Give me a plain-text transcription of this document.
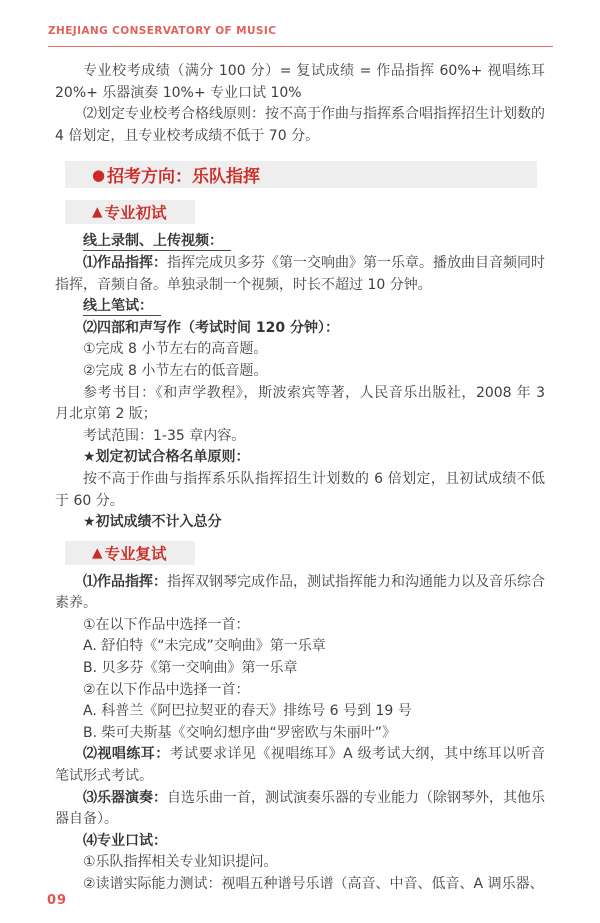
ZHEJIANG CONSERVATORY OF MUSIC

专业校考成绩（满分 100 分）= 复试成绩 = 作品指挥 60%+ 视唱练耳 20%+ 乐器演奏 10%+ 专业口试 10%

⑵划定专业校考合格线原则：按不高于作曲与指挥系合唱指挥招生计划数的 4 倍划定，且专业校考成绩不低于 70 分。

● 招考方向：乐队指挥
▲ 专业初试

线上录制、上传视频：

⑴作品指挥：指挥完成贝多芬《第一交响曲》第一乐章。播放曲目音频同时指挥，音频自备。单独录制一个视频，时长不超过 10 分钟。

线上笔试：

⑵四部和声写作（考试时间 120 分钟）：

①完成 8 小节左右的高音题。

②完成 8 小节左右的低音题。

参考书目：《和声学教程》，斯波索宾等著，人民音乐出版社，2008 年 3 月北京第 2 版；

考试范围：1-35 章内容。

★划定初试合格名单原则：

按不高于作曲与指挥系乐队指挥招生计划数的 6 倍划定，且初试成绩不低于 60 分。

★初试成绩不计入总分

▲ 专业复试

⑴作品指挥：指挥双钢琴完成作品，测试指挥能力和沟通能力以及音乐综合素养。

①在以下作品中选择一首：

A. 舒伯特《“未完成”交响曲》第一乐章

B. 贝多芬《第一交响曲》第一乐章

②在以下作品中选择一首：

A. 科普兰《阿巴拉契亚的春天》排练号 6 号到 19 号

B. 柴可夫斯基《交响幻想序曲“罗密欧与朱丽叶”》

⑵视唱练耳：考试要求详见《视唱练耳》A 级考试大纲，其中练耳以听音笔试形式考试。

⑶乐器演奏：自选乐曲一首，测试演奏乐器的专业能力（除钢琴外，其他乐器自备）。

⑷专业口试：

①乐队指挥相关专业知识提问。

②读谱实际能力测试：视唱五种谱号乐谱（高音、中音、低音、A 调乐器、

09
